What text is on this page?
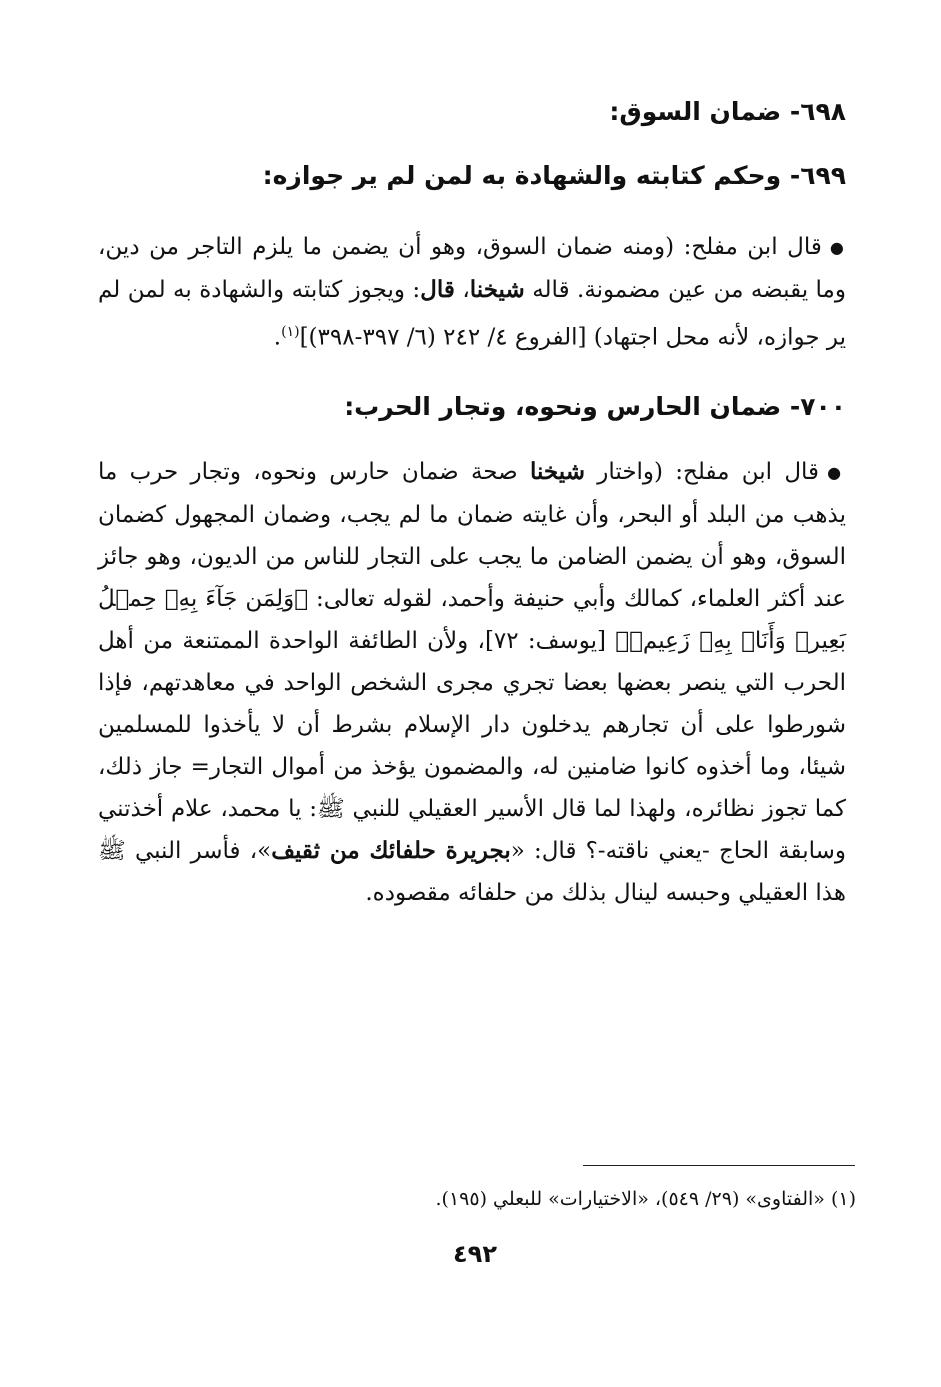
٦٩٨- ضمان السوق:
٦٩٩- وحكم كتابته والشهادة به لمن لم ير جوازه:
●قال ابن مفلح: (ومنه ضمان السوق، وهو أن يضمن ما يلزم التاجر من دين، وما يقبضه من عين مضمونة. قاله شيخنا، قال: ويجوز كتابته والشهادة به لمن لم ير جوازه، لأنه محل اجتهاد) [الفروع ٤/ ٢٤٢ (٦/ ٣٩٧-٣٩٨)]$^{(١)}$.
٧٠٠- ضمان الحارس ونحوه، وتجار الحرب:
●قال ابن مفلح: (واختار شيخنا صحة ضمان حارس ونحوه، وتجار حرب ما يذهب من البلد أو البحر، وأن غايته ضمان ما لم يجب، وضمان المجهول كضمان السوق، وهو أن يضمن الضامن ما يجب على التجار للناس من الديون، وهو جائز عند أكثر العلماء، كمالك وأبي حنيفة وأحمد، لقوله تعالى: ﴿وَلِمَن جَآءَ بِهِۦ حِمۡلُ بَعِيرٖ وَأَنَا۠ بِهِۦ زَعِيمٞ﴾ [يوسف: ٧٢]، ولأن الطائفة الواحدة الممتنعة من أهل الحرب التي ينصر بعضها بعضا تجري مجرى الشخص الواحد في معاهدتهم، فإذا شورطوا على أن تجارهم يدخلون دار الإسلام بشرط أن لا يأخذوا للمسلمين شيئا، وما أخذوه كانوا ضامنين له، والمضمون يؤخذ من أموال التجار= جاز ذلك، كما تجوز نظائره، ولهذا لما قال الأسير العقيلي للنبي ﷺ: يا محمد، علام أخذتني وسابقة الحاج -يعني ناقته-؟ قال: «بجريرة حلفائك من ثقيف»، فأسر النبي ﷺ هذا العقيلي وحبسه لينال بذلك من حلفائه مقصوده.
(١) «الفتاوى» (٢٩/ ٥٤٩)، «الاختيارات» للبعلي (١٩٥).
٤٩٢
